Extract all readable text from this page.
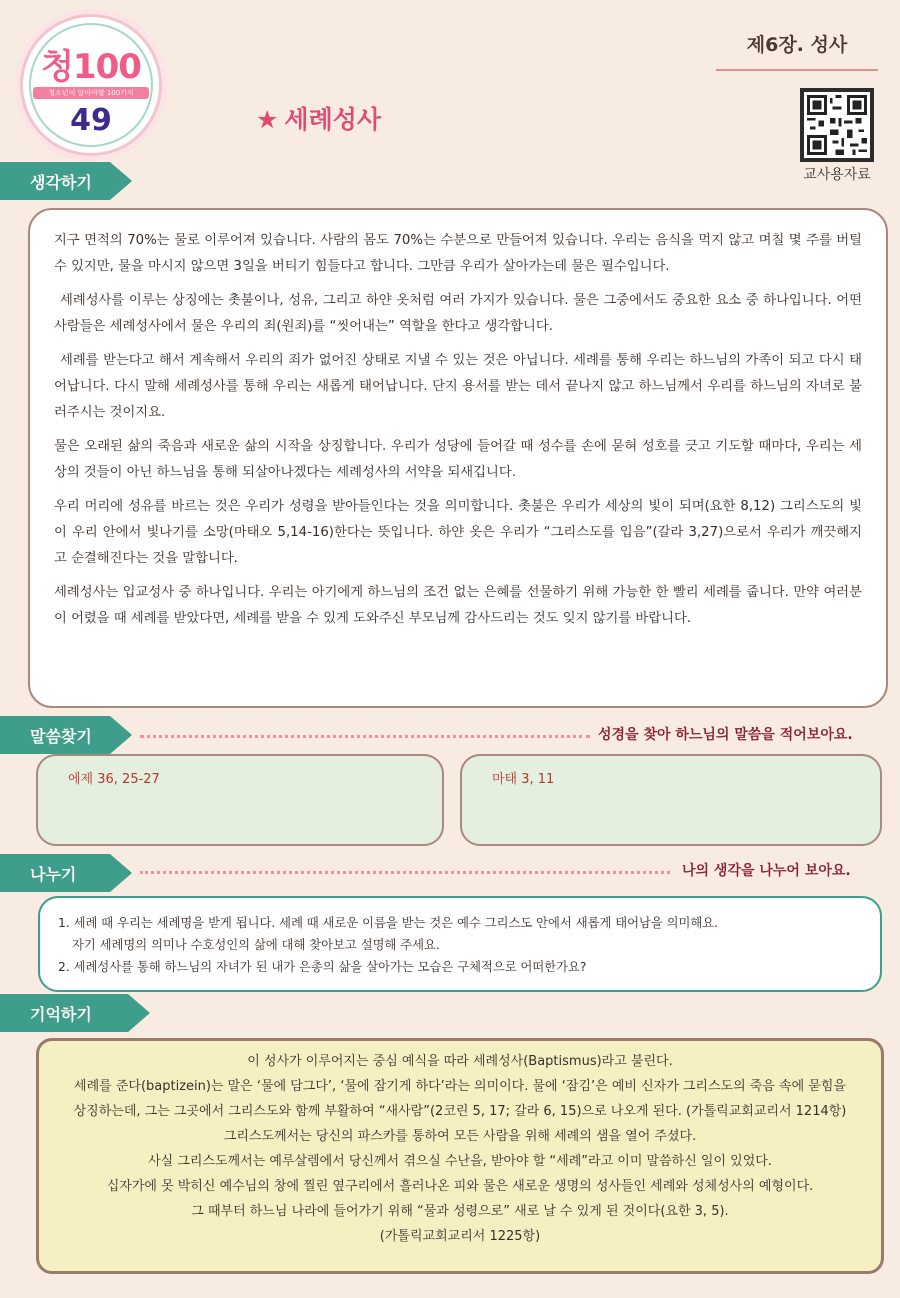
청100
청소년이 알아야할 100가지
49
제6장. 성사
교사용자료
★ 세례성사
생각하기

지구 면적의 70%는 물로 이루어져 있습니다. 사람의 몸도 70%는 수분으로 만들어져 있습니다. 우리는 음식을 먹지 않고 며칠 몇 주를 버틸 수 있지만, 물을 마시지 않으면 3일을 버티기 힘들다고 합니다. 그만큼 우리가 살아가는데 물은 필수입니다.

세례성사를 이루는 상징에는 촛불이나, 성유, 그리고 하얀 옷처럼 여러 가지가 있습니다. 물은 그중에서도 중요한 요소 중 하나입니다. 어떤 사람들은 세례성사에서 물은 우리의 죄(원죄)를 “씻어내는” 역할을 한다고 생각합니다.

세례를 받는다고 해서 계속해서 우리의 죄가 없어진 상태로 지낼 수 있는 것은 아닙니다. 세례를 통해 우리는 하느님의 가족이 되고 다시 태어납니다. 다시 말해 세례성사를 통해 우리는 새롭게 태어납니다. 단지 용서를 받는 데서 끝나지 않고 하느님께서 우리를 하느님의 자녀로 불러주시는 것이지요.

물은 오래된 삶의 죽음과 새로운 삶의 시작을 상징합니다. 우리가 성당에 들어갈 때 성수를 손에 묻혀 성호를 긋고 기도할 때마다, 우리는 세상의 것들이 아닌 하느님을 통해 되살아나겠다는 세례성사의 서약을 되새깁니다.

우리 머리에 성유를 바르는 것은 우리가 성령을 받아들인다는 것을 의미합니다. 촛불은 우리가 세상의 빛이 되며(요한 8,12) 그리스도의 빛이 우리 안에서 빛나기를 소망(마태오 5,14-16)한다는 뜻입니다. 하얀 옷은 우리가 “그리스도를 입음”(갈라 3,27)으로서 우리가 깨끗해지고 순결해진다는 것을 말합니다.

세례성사는 입교성사 중 하나입니다. 우리는 아기에게 하느님의 조건 없는 은혜를 선물하기 위해 가능한 한 빨리 세례를 줍니다. 만약 여러분이 어렸을 때 세례를 받았다면, 세례를 받을 수 있게 도와주신 부모님께 감사드리는 것도 잊지 않기를 바랍니다.

말씀찾기	성경을 찾아 하느님의 말씀을 적어보아요.
에제 36, 25-27	마태 3, 11
나누기	나의 생각을 나누어 보아요.
1. 세례 때 우리는 세례명을 받게 됩니다. 세례 때 새로운 이름을 받는 것은 예수 그리스도 안에서 새롭게 태어남을 의미해요.
자기 세례명의 의미나 수호성인의 삶에 대해 찾아보고 설명해 주세요.
2. 세례성사를 통해 하느님의 자녀가 된 내가 은총의 삶을 살아가는 모습은 구체적으로 어떠한가요?
기억하기
이 성사가 이루어지는 중심 예식을 따라 세례성사(Baptismus)라고 불린다.
세례를 준다(baptizein)는 말은 ‘물에 담그다’, ‘물에 잠기게 하다’라는 의미이다. 물에 ‘잠김’은 예비 신자가 그리스도의 죽음 속에 묻힘을
상징하는데, 그는 그곳에서 그리스도와 함께 부활하여 “새사람”(2코린 5, 17; 갈라 6, 15)으로 나오게 된다. (가톨릭교회교리서 1214항)
그리스도께서는 당신의 파스카를 통하여 모든 사람을 위해 세례의 샘을 열어 주셨다.
사실 그리스도께서는 예루살렘에서 당신께서 겪으실 수난을, 받아야 할 “세례”라고 이미 말씀하신 일이 있었다.
십자가에 못 박히신 예수님의 창에 찔린 옆구리에서 흘러나온 피와 물은 새로운 생명의 성사들인 세례와 성체성사의 예형이다.
그 때부터 하느님 나라에 들어가기 위해 “물과 성령으로” 새로 날 수 있게 된 것이다(요한 3, 5).
(가톨릭교회교리서 1225항)
